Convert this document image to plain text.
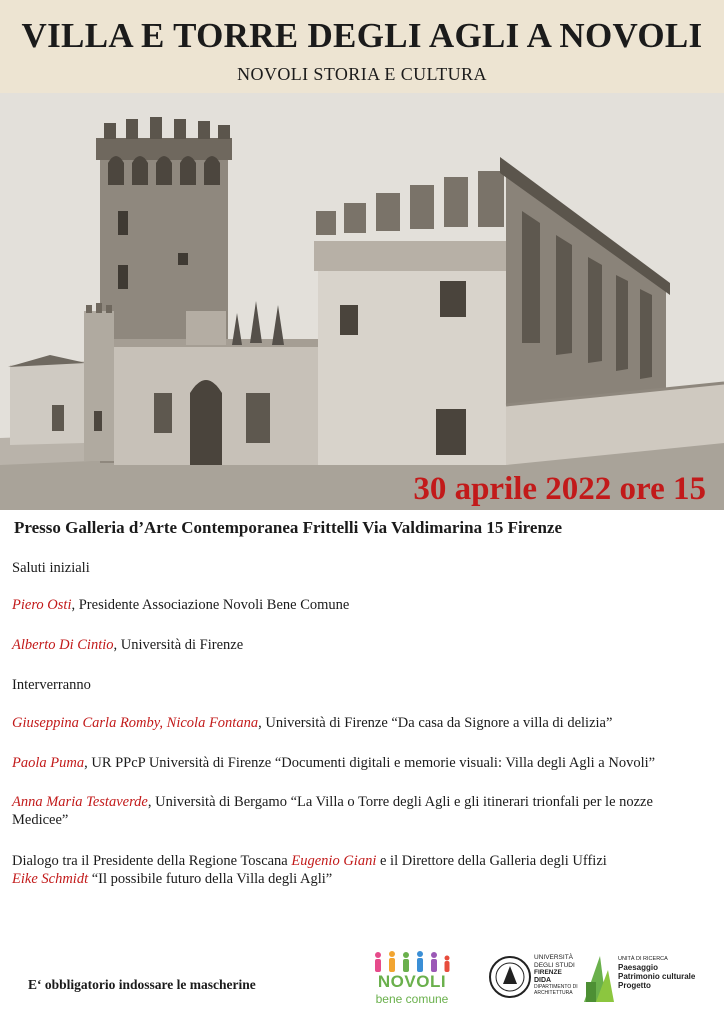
VILLA E TORRE DEGLI AGLI A NOVOLI
NOVOLI STORIA E CULTURA
30 aprile 2022 ore 15
Presso Galleria d’Arte Contemporanea Frittelli Via Valdimarina 15 Firenze
Saluti iniziali
Piero Osti, Presidente Associazione Novoli Bene Comune
Alberto Di Cintio, Università di Firenze
Interverranno
Giuseppina Carla Romby, Nicola Fontana, Università di Firenze “Da casa da Signore a villa di delizia”
Paola Puma, UR PPcP Università di Firenze “Documenti digitali e memorie visuali: Villa degli Agli a Novoli”
Anna Maria Testaverde, Università di Bergamo “La Villa o Torre degli Agli e gli itinerari trionfali per le nozze Medicee”
Dialogo tra il Presidente della Regione Toscana Eugenio Giani e il Direttore della Galleria degli Uffizi
Eike Schmidt “Il possibile futuro della Villa degli Agli”
E‘ obbligatorio indossare le mascherine	NOVOLI
bene comune
UNIVERSITÀ
DEGLI STUDI
FIRENZE
DIDA
DIPARTIMENTO DI ARCHITETTURA
UNITÀ DI RICERCA
Paesaggio
Patrimonio culturale
Progetto
